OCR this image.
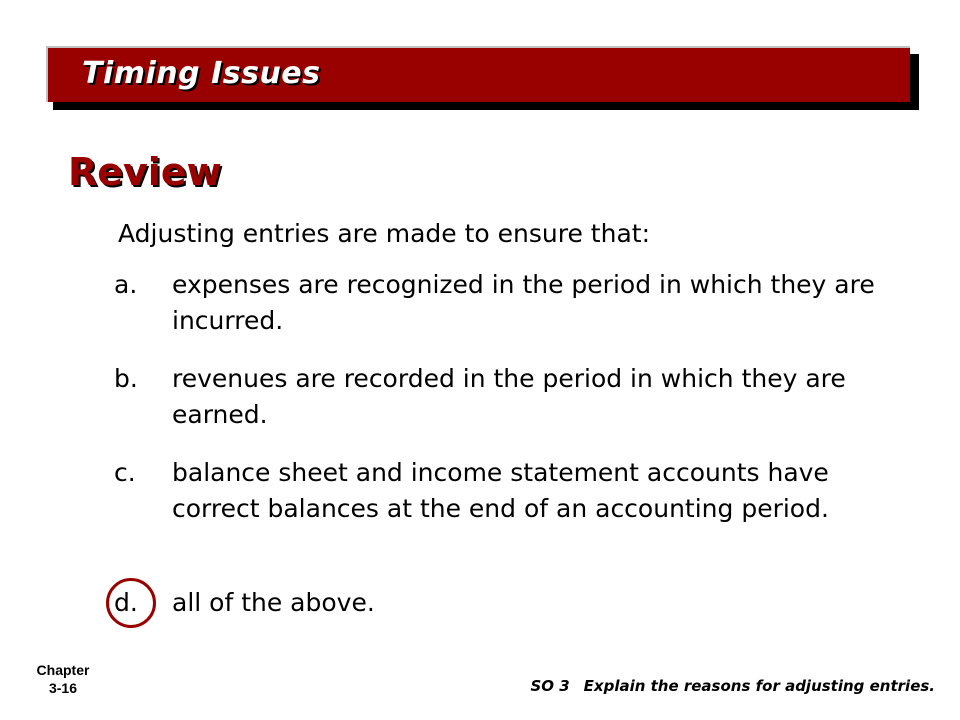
Timing Issues
Review
Adjusting entries are made to ensure that:
a.	expenses are recognized in the period in which they are incurred.
b.	revenues are recorded in the period in which they are earned.
c.	balance sheet and income statement accounts have correct balances at the end of an accounting period.
d.	all of the above.
Chapter
3-16	SO 3 Explain the reasons for adjusting entries.
